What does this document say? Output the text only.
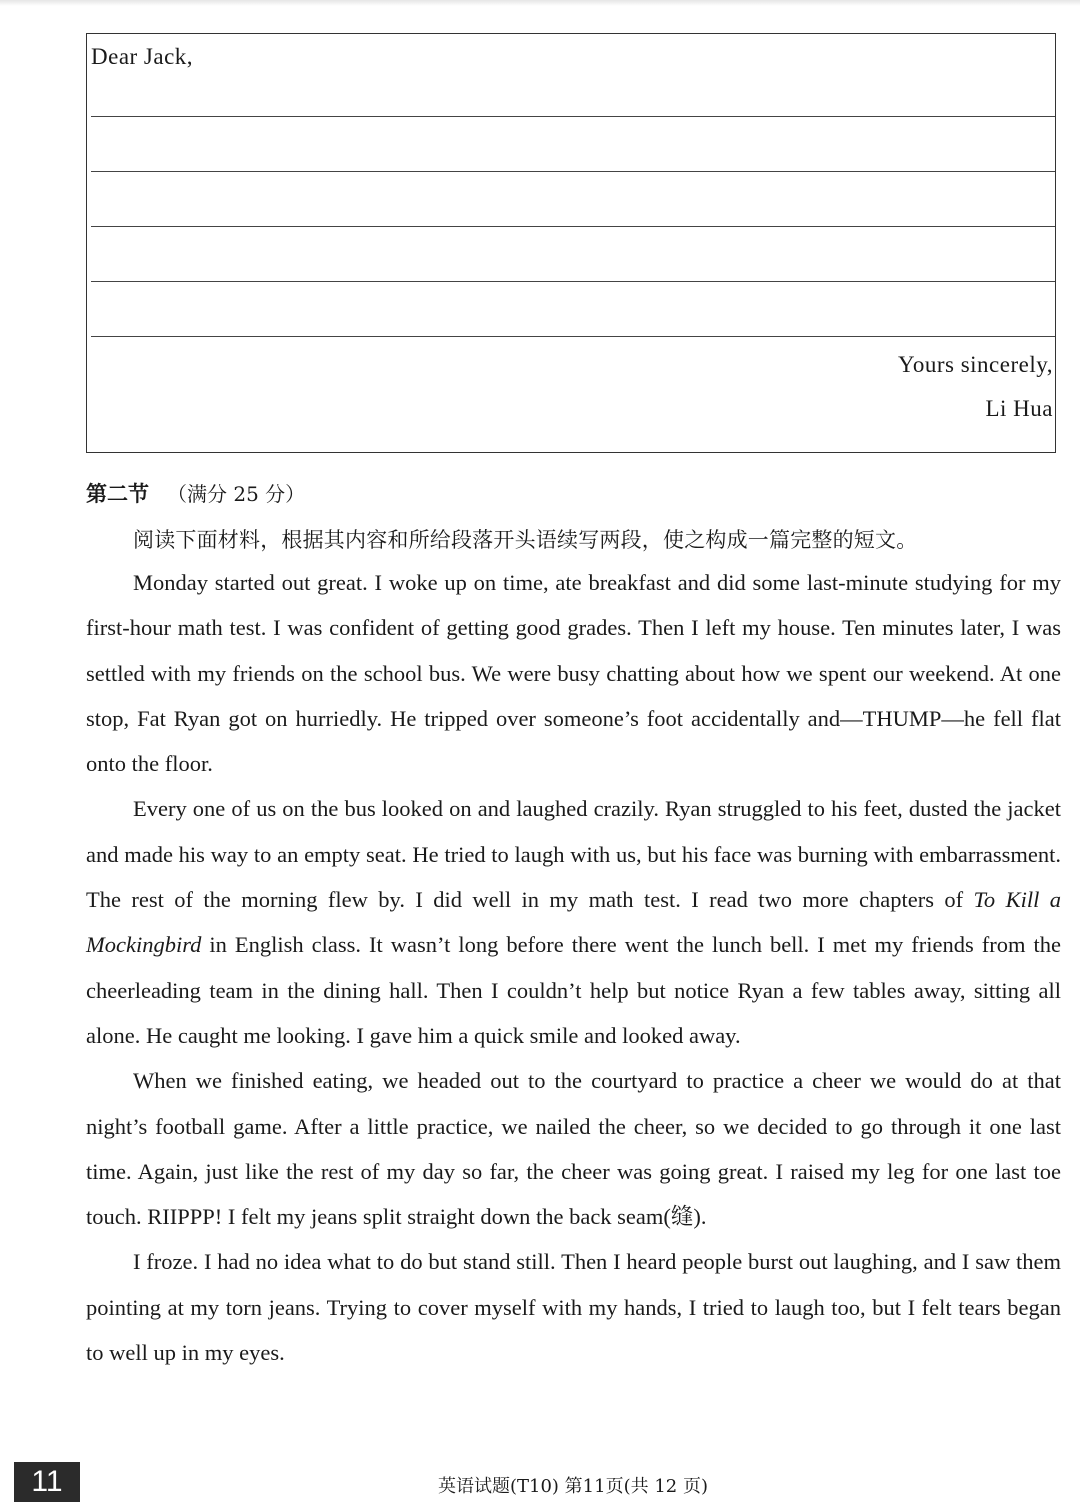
Dear Jack,
Yours sincerely,
Li Hua
第二节 （满分 25 分）
阅读下面材料，根据其内容和所给段落开头语续写两段，使之构成一篇完整的短文。

Monday started out great. I woke up on time, ate breakfast and did some last-minute studying for my first-hour math test. I was confident of getting good grades. Then I left my house. Ten minutes later, I was settled with my friends on the school bus. We were busy chatting about how we spent our weekend. At one stop, Fat Ryan got on hurriedly. He tripped over someone’s foot accidentally and—THUMP—he fell flat onto the floor.

Every one of us on the bus looked on and laughed crazily. Ryan struggled to his feet, dusted the jacket and made his way to an empty seat. He tried to laugh with us, but his face was burning with embarrassment. The rest of the morning flew by. I did well in my math test. I read two more chapters of To Kill a Mockingbird in English class. It wasn’t long before there went the lunch bell. I met my friends from the cheerleading team in the dining hall. Then I couldn’t help but notice Ryan a few tables away, sitting all alone. He caught me looking. I gave him a quick smile and looked away.

When we finished eating, we headed out to the courtyard to practice a cheer we would do at that night’s football game. After a little practice, we nailed the cheer, so we decided to go through it one last time. Again, just like the rest of my day so far, the cheer was going great. I raised my leg for one last toe touch. RIIPPP! I felt my jeans split straight down the back seam(缝).

I froze. I had no idea what to do but stand still. Then I heard people burst out laughing, and I saw them pointing at my torn jeans. Trying to cover myself with my hands, I tried to laugh too, but I felt tears began to well up in my eyes.

11	英语试题(T10) 第11页(共 12 页)
